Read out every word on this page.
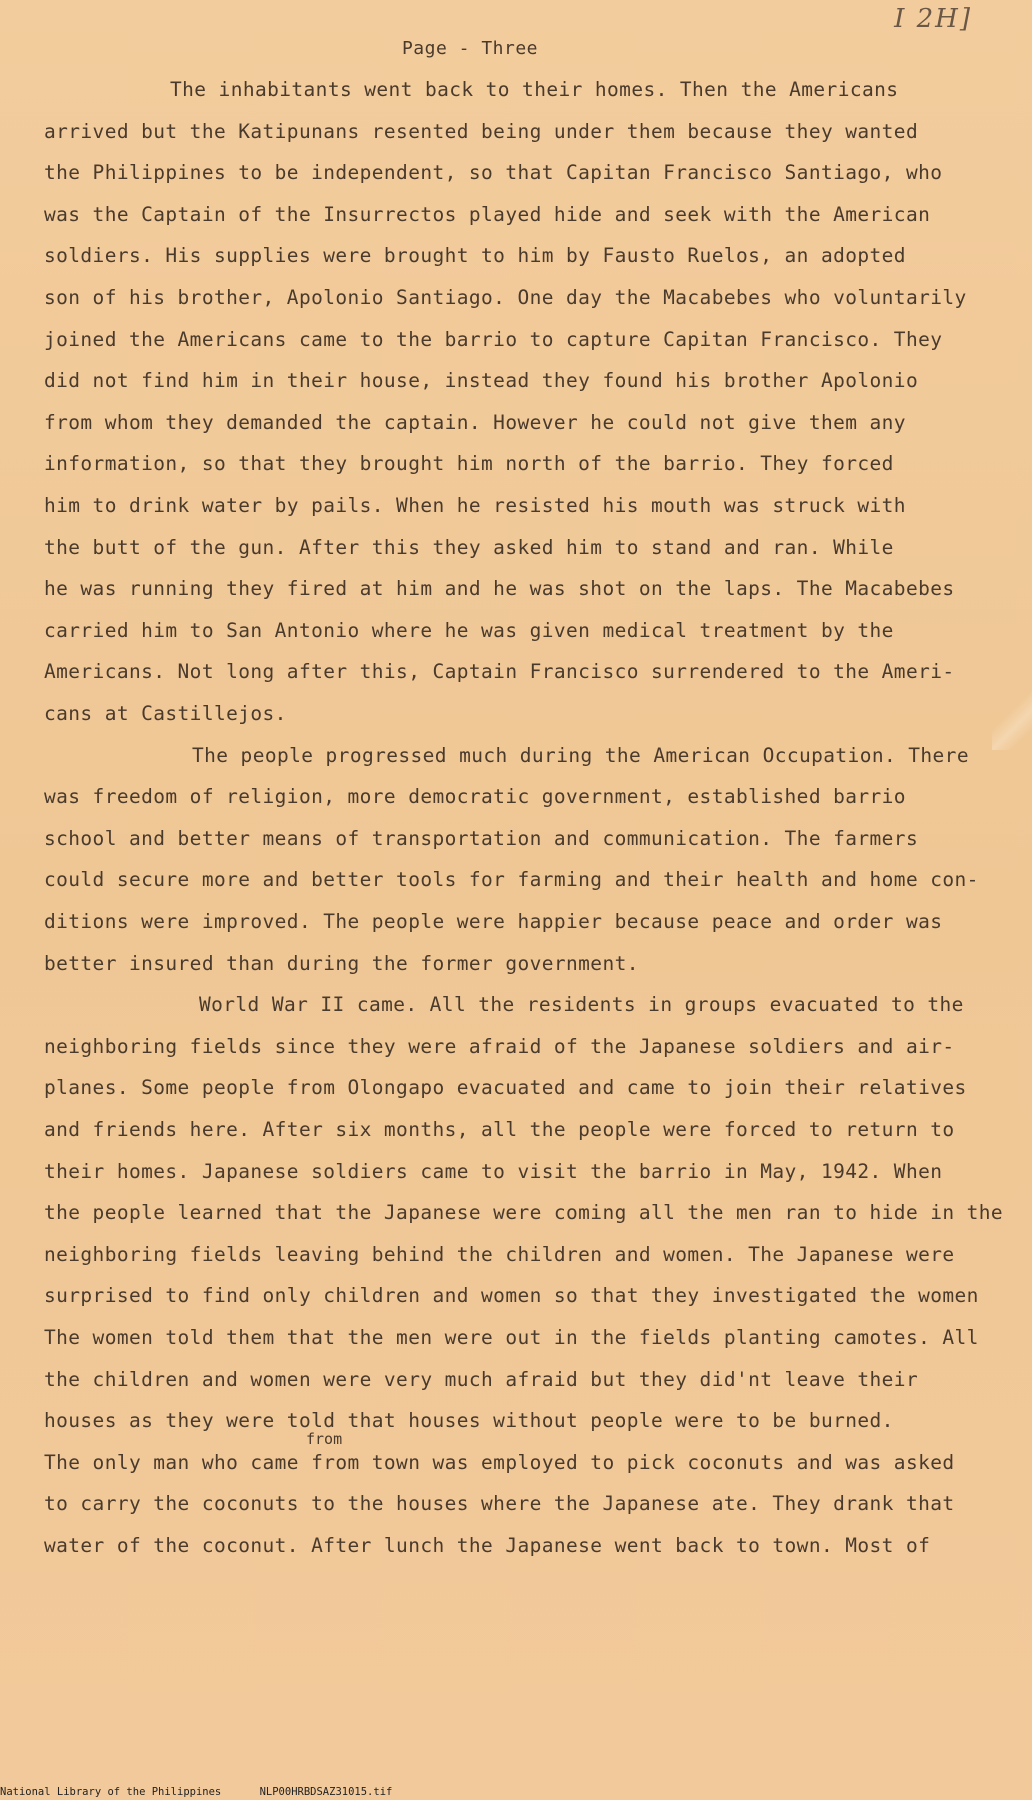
I 2H]
Page - Three
The inhabitants went back to their homes. Then the Americans
arrived but the Katipunans resented being under them because they wanted
the Philippines to be independent, so that Capitan Francisco Santiago, who
was the Captain of the Insurrectos played hide and seek with the American
soldiers. His supplies were brought to him by Fausto Ruelos, an adopted
son of his brother, Apolonio Santiago. One day the Macabebes who voluntarily
joined the Americans came to the barrio to capture Capitan Francisco. They
did not find him in their house, instead they found his brother Apolonio
from whom they demanded the captain. However he could not give them any
information, so that they brought him north of the barrio. They forced
him to drink water by pails. When he resisted his mouth was struck with
the butt of the gun. After this they asked him to stand and ran. While
he was running they fired at him and he was shot on the laps. The Macabebes
carried him to San Antonio where he was given medical treatment by the
Americans. Not long after this, Captain Francisco surrendered to the Ameri-
cans at Castillejos.
The people progressed much during the American Occupation. There
was freedom of religion, more democratic government, established barrio
school and better means of transportation and communication. The farmers
could secure more and better tools for farming and their health and home con-
ditions were improved. The people were happier because peace and order was
better insured than during the former government.
World War II came. All the residents in groups evacuated to the
neighboring fields since they were afraid of the Japanese soldiers and air-
planes. Some people from Olongapo evacuated and came to join their relatives
and friends here. After six months, all the people were forced to return to
their homes. Japanese soldiers came to visit the barrio in May, 1942. When
the people learned that the Japanese were coming all the men ran to hide in the
neighboring fields leaving behind the children and women. The Japanese were
surprised to find only children and women so that they investigated the women
The women told them that the men were out in the fields planting camotes. All
the children and women were very much afraid but they did'nt leave their
houses as they were told that houses without people were to be burned.
from
The only man who came from town was employed to pick coconuts and was asked
to carry the coconuts to the houses where the Japanese ate. They drank that
water of the coconut. After lunch the Japanese went back to town. Most of
National Library of the Philippines	NLP00HRBDSAZ31015.tif
